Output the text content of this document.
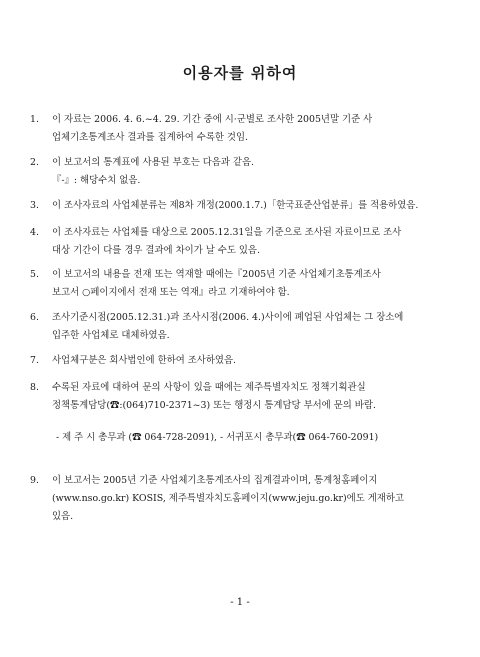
이용자를 위하여
1.	이 자료는 2006. 4. 6.~4. 29. 기간 중에 시·군별로 조사한 2005년말 기준 사
업체기초통계조사 결과를 집계하여 수록한 것임.
2.	이 보고서의 통계표에 사용된 부호는 다음과 같음.
『-』: 해당수치 없음.
3.	이 조사자료의 사업체분류는 제8차 개정(2000.1.7.)「한국표준산업분류」를 적용하였음.
4.	이 조사자료는 사업체를 대상으로 2005.12.31일을 기준으로 조사된 자료이므로 조사
대상 기간이 다를 경우 결과에 차이가 날 수도 있음.
5.	이 보고서의 내용을 전재 또는 역재할 때에는『2005년 기준 사업체기초통계조사
보고서 ○페이지에서 전재 또는 역재』라고 기재하여야 함.
6.	조사기준시점(2005.12.31.)과 조사시점(2006. 4.)사이에 폐업된 사업체는 그 장소에
입주한 사업체로 대체하였음.
7.	사업체구분은 회사법인에 한하여 조사하였음.
8.	수록된 자료에 대하여 문의 사항이 있을 때에는 제주특별자치도 정책기획관실
정책통계담당(☎:(064)710-2371~3) 또는 행정시 통계담당 부서에 문의 바람.
- 제 주 시 총무과 (☎ 064-728-2091), - 서귀포시 총무과(☎ 064-760-2091)
9.	이 보고서는 2005년 기준 사업체기초통계조사의 집계결과이며, 통계청홈페이지
(www.nso.go.kr) KOSIS, 제주특별자치도홈페이지(www.jeju.go.kr)에도 게재하고
있음.
- 1 -
